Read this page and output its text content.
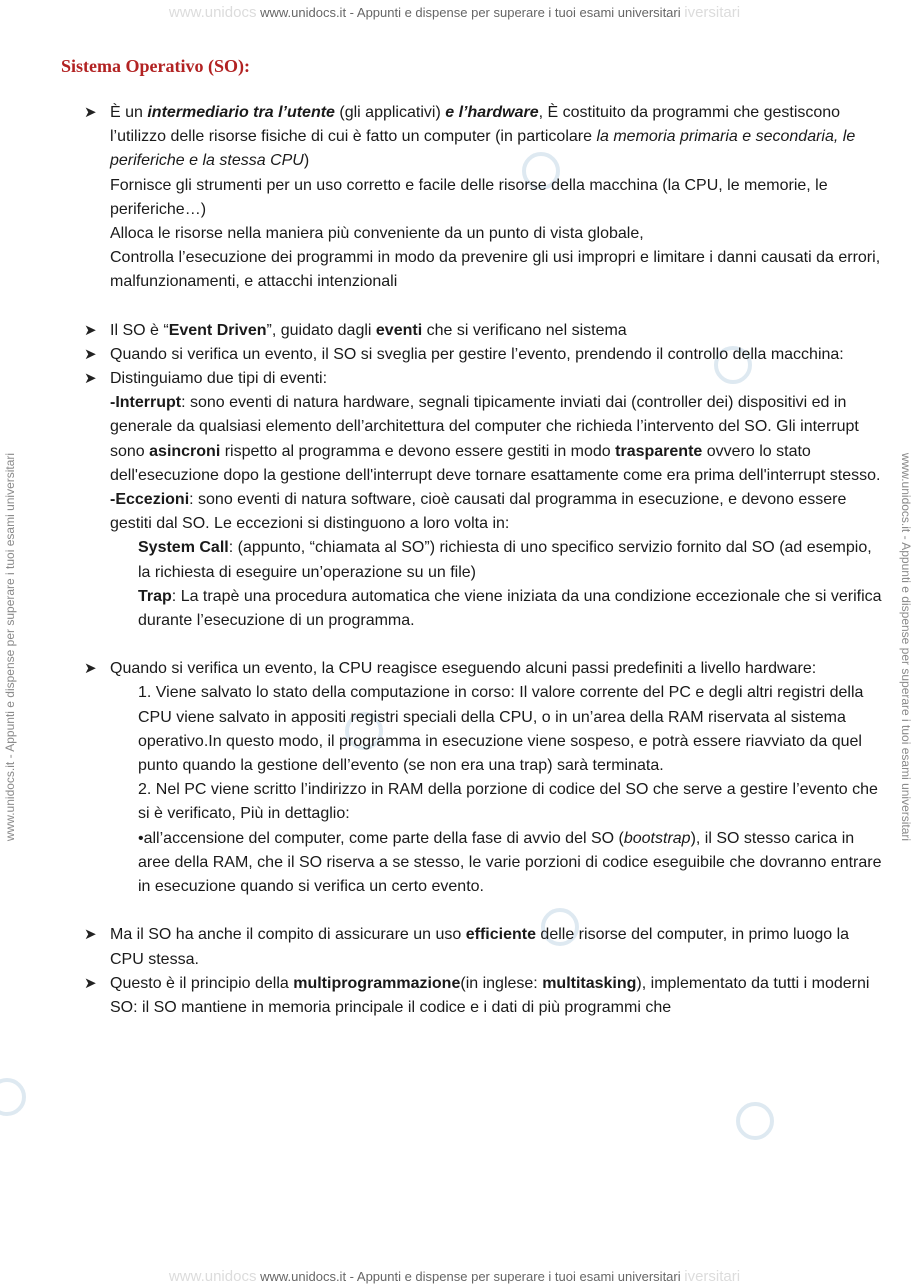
www.unidocs www.unidocs.it - Appunti e dispense per superare i tuoi esami universitari iversitari
www.unidocs www.unidocs.it - Appunti e dispense per superare i tuoi esami universitari iversitari
www.unidocs.it - Appunti e dispense per superare i tuoi esami universitari	www.unidocs.it - Appunti e dispense per superare i tuoi esami universitari
Sistema Operativo (SO):
➤ È un intermediario tra l’utente (gli applicativi) e l’hardware, È costituito da programmi che gestiscono l’utilizzo delle risorse fisiche di cui è fatto un computer (in particolare la memoria primaria e secondaria, le periferiche e la stessa CPU)
Fornisce gli strumenti per un uso corretto e facile delle risorse della macchina (la CPU, le memorie, le periferiche…)
Alloca le risorse nella maniera più conveniente da un punto di vista globale,
Controlla l’esecuzione dei programmi in modo da prevenire gli usi impropri e limitare i danni causati da errori, malfunzionamenti, e attacchi intenzionali
➤ Il SO è “Event Driven”, guidato dagli eventi che si verificano nel sistema
➤ Quando si verifica un evento, il SO si sveglia per gestire l’evento, prendendo il controllo della macchina:
➤ Distinguiamo due tipi di eventi:
-Interrupt: sono eventi di natura hardware, segnali tipicamente inviati dai (controller dei) dispositivi ed in generale da qualsiasi elemento dell’architettura del computer che richieda l’intervento del SO. Gli interrupt sono asincroni rispetto al programma e devono essere gestiti in modo trasparente ovvero lo stato dell'esecuzione dopo la gestione dell'interrupt deve tornare esattamente come era prima dell'interrupt stesso.
-Eccezioni: sono eventi di natura software, cioè causati dal programma in esecuzione, e devono essere gestiti dal SO. Le eccezioni si distinguono a loro volta in:
System Call: (appunto, “chiamata al SO”) richiesta di uno specifico servizio fornito dal SO (ad esempio, la richiesta di eseguire un’operazione su un file)
Trap: La trapè una procedura automatica che viene iniziata da una condizione eccezionale che si verifica durante l’esecuzione di un programma.
➤ Quando si verifica un evento, la CPU reagisce eseguendo alcuni passi predefiniti a livello hardware:
1. Viene salvato lo stato della computazione in corso: Il valore corrente del PC e degli altri registri della CPU viene salvato in appositi registri speciali della CPU, o in un’area della RAM riservata al sistema operativo.In questo modo, il programma in esecuzione viene sospeso, e potrà essere riavviato da quel punto quando la gestione dell’evento (se non era una trap) sarà terminata.
2. Nel PC viene scritto l’indirizzo in RAM della porzione di codice del SO che serve a gestire l’evento che si è verificato, Più in dettaglio:
•all’accensione del computer, come parte della fase di avvio del SO (bootstrap), il SO stesso carica in aree della RAM, che il SO riserva a se stesso, le varie porzioni di codice eseguibile che dovranno entrare in esecuzione quando si verifica un certo evento.
➤ Ma il SO ha anche il compito di assicurare un uso efficiente delle risorse del computer, in primo luogo la CPU stessa.
➤ Questo è il principio della multiprogrammazione(in inglese: multitasking), implementato da tutti i moderni SO: il SO mantiene in memoria principale il codice e i dati di più programmi che
